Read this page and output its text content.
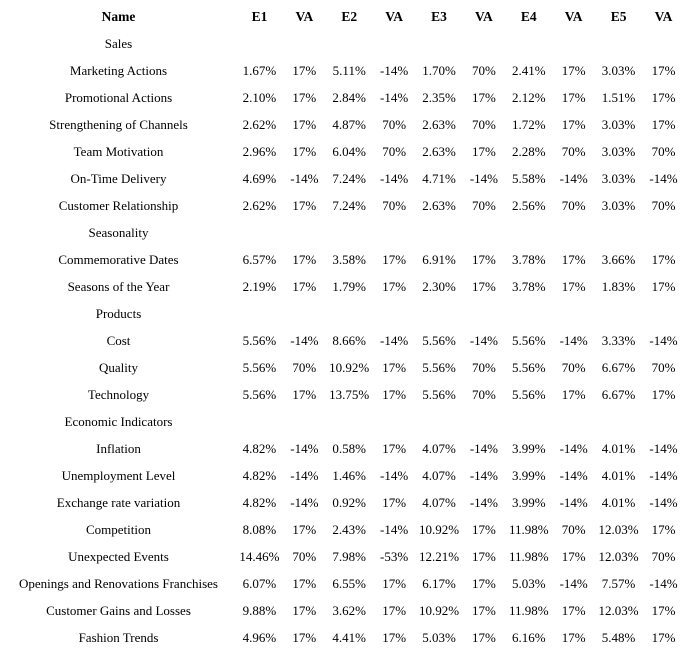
Name	E1	VA	E2	VA	E3	VA	E4	VA	E5	VA
Sales										
Marketing Actions	1.67%	17%	5.11%	-14%	1.70%	70%	2.41%	17%	3.03%	17%
Promotional Actions	2.10%	17%	2.84%	-14%	2.35%	17%	2.12%	17%	1.51%	17%
Strengthening of Channels	2.62%	17%	4.87%	70%	2.63%	70%	1.72%	17%	3.03%	17%
Team Motivation	2.96%	17%	6.04%	70%	2.63%	17%	2.28%	70%	3.03%	70%
On-Time Delivery	4.69%	-14%	7.24%	-14%	4.71%	-14%	5.58%	-14%	3.03%	-14%
Customer Relationship	2.62%	17%	7.24%	70%	2.63%	70%	2.56%	70%	3.03%	70%
Seasonality										
Commemorative Dates	6.57%	17%	3.58%	17%	6.91%	17%	3.78%	17%	3.66%	17%
Seasons of the Year	2.19%	17%	1.79%	17%	2.30%	17%	3.78%	17%	1.83%	17%
Products										
Cost	5.56%	-14%	8.66%	-14%	5.56%	-14%	5.56%	-14%	3.33%	-14%
Quality	5.56%	70%	10.92%	17%	5.56%	70%	5.56%	70%	6.67%	70%
Technology	5.56%	17%	13.75%	17%	5.56%	70%	5.56%	17%	6.67%	17%
Economic Indicators										
Inflation	4.82%	-14%	0.58%	17%	4.07%	-14%	3.99%	-14%	4.01%	-14%
Unemployment Level	4.82%	-14%	1.46%	-14%	4.07%	-14%	3.99%	-14%	4.01%	-14%
Exchange rate variation	4.82%	-14%	0.92%	17%	4.07%	-14%	3.99%	-14%	4.01%	-14%
Competition	8.08%	17%	2.43%	-14%	10.92%	17%	11.98%	70%	12.03%	17%
Unexpected Events	14.46%	70%	7.98%	-53%	12.21%	17%	11.98%	17%	12.03%	70%
Openings and Renovations Franchises	6.07%	17%	6.55%	17%	6.17%	17%	5.03%	-14%	7.57%	-14%
Customer Gains and Losses	9.88%	17%	3.62%	17%	10.92%	17%	11.98%	17%	12.03%	17%
Fashion Trends	4.96%	17%	4.41%	17%	5.03%	17%	6.16%	17%	5.48%	17%
